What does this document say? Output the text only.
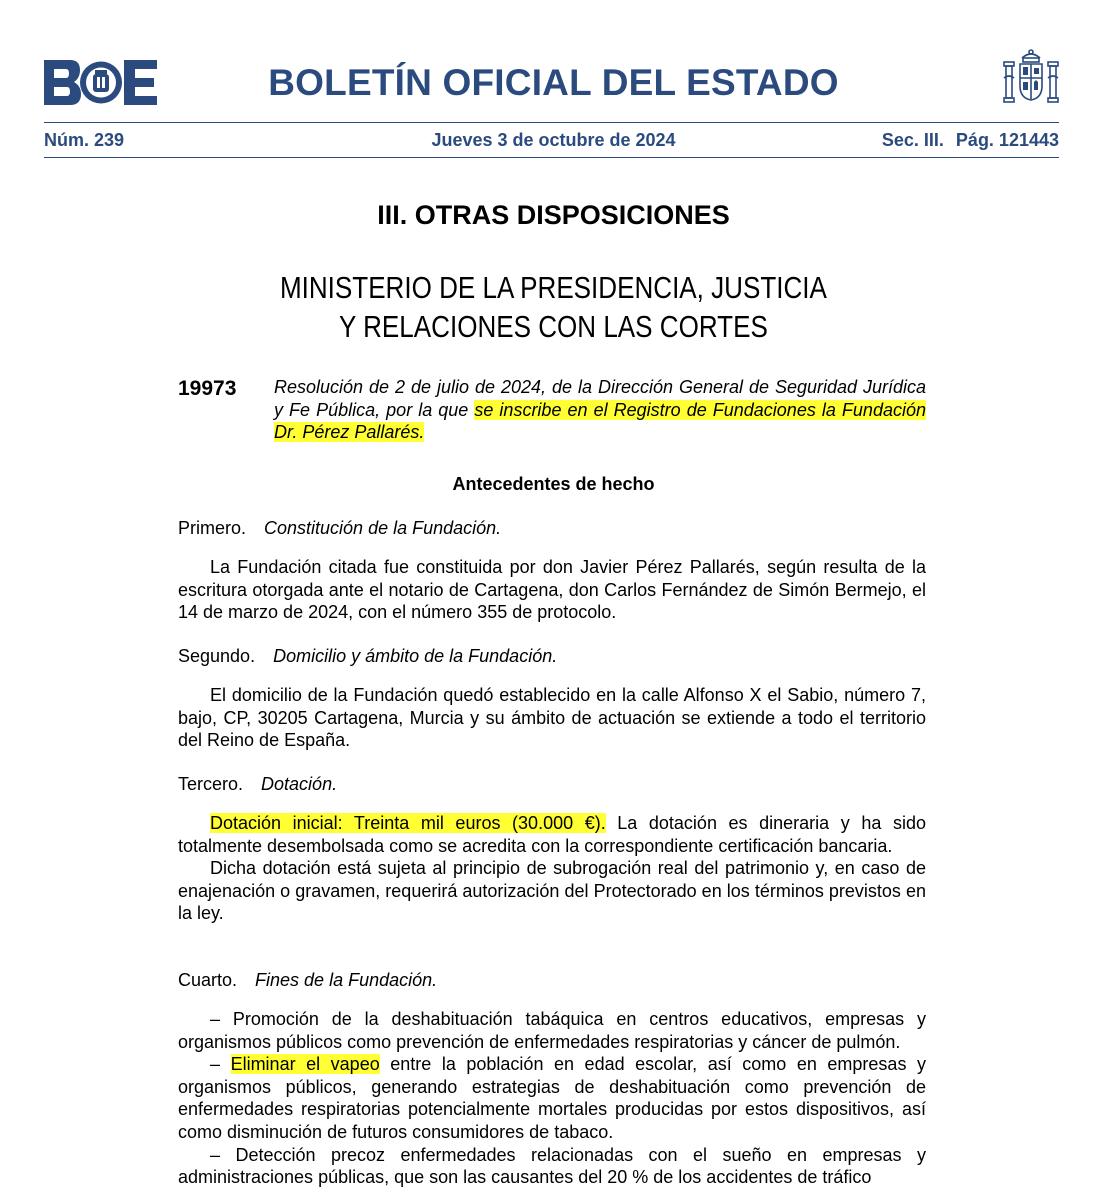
BOLETÍN OFICIAL DEL ESTADO
Núm. 239	Jueves 3 de octubre de 2024	Sec. III. Pág. 121443
III. OTRAS DISPOSICIONES
MINISTERIO DE LA PRESIDENCIA, JUSTICIA
Y RELACIONES CON LAS CORTES
19973 Resolución de 2 de julio de 2024, de la Dirección General de Seguridad Jurídica y Fe Pública, por la que se inscribe en el Registro de Fundaciones la Fundación Dr. Pérez Pallarés.
Antecedentes de hecho
Primero. Constitución de la Fundación.

La Fundación citada fue constituida por don Javier Pérez Pallarés, según resulta de la escritura otorgada ante el notario de Cartagena, don Carlos Fernández de Simón Bermejo, el 14 de marzo de 2024, con el número 355 de protocolo.

Segundo. Domicilio y ámbito de la Fundación.

El domicilio de la Fundación quedó establecido en la calle Alfonso X el Sabio, número 7, bajo, CP, 30205 Cartagena, Murcia y su ámbito de actuación se extiende a todo el territorio del Reino de España.

Tercero. Dotación.

Dotación inicial: Treinta mil euros (30.000 €). La dotación es dineraria y ha sido totalmente desembolsada como se acredita con la correspondiente certificación bancaria.

Dicha dotación está sujeta al principio de subrogación real del patrimonio y, en caso de enajenación o gravamen, requerirá autorización del Protectorado en los términos previstos en la ley.

Cuarto. Fines de la Fundación.

– Promoción de la deshabituación tabáquica en centros educativos, empresas y organismos públicos como prevención de enfermedades respiratorias y cáncer de pulmón.

– Eliminar el vapeo entre la población en edad escolar, así como en empresas y organismos públicos, generando estrategias de deshabituación como prevención de enfermedades respiratorias potencialmente mortales producidas por estos dispositivos, así como disminución de futuros consumidores de tabaco.

– Detección precoz enfermedades relacionadas con el sueño en empresas y administraciones públicas, que son las causantes del 20 % de los accidentes de tráfico
